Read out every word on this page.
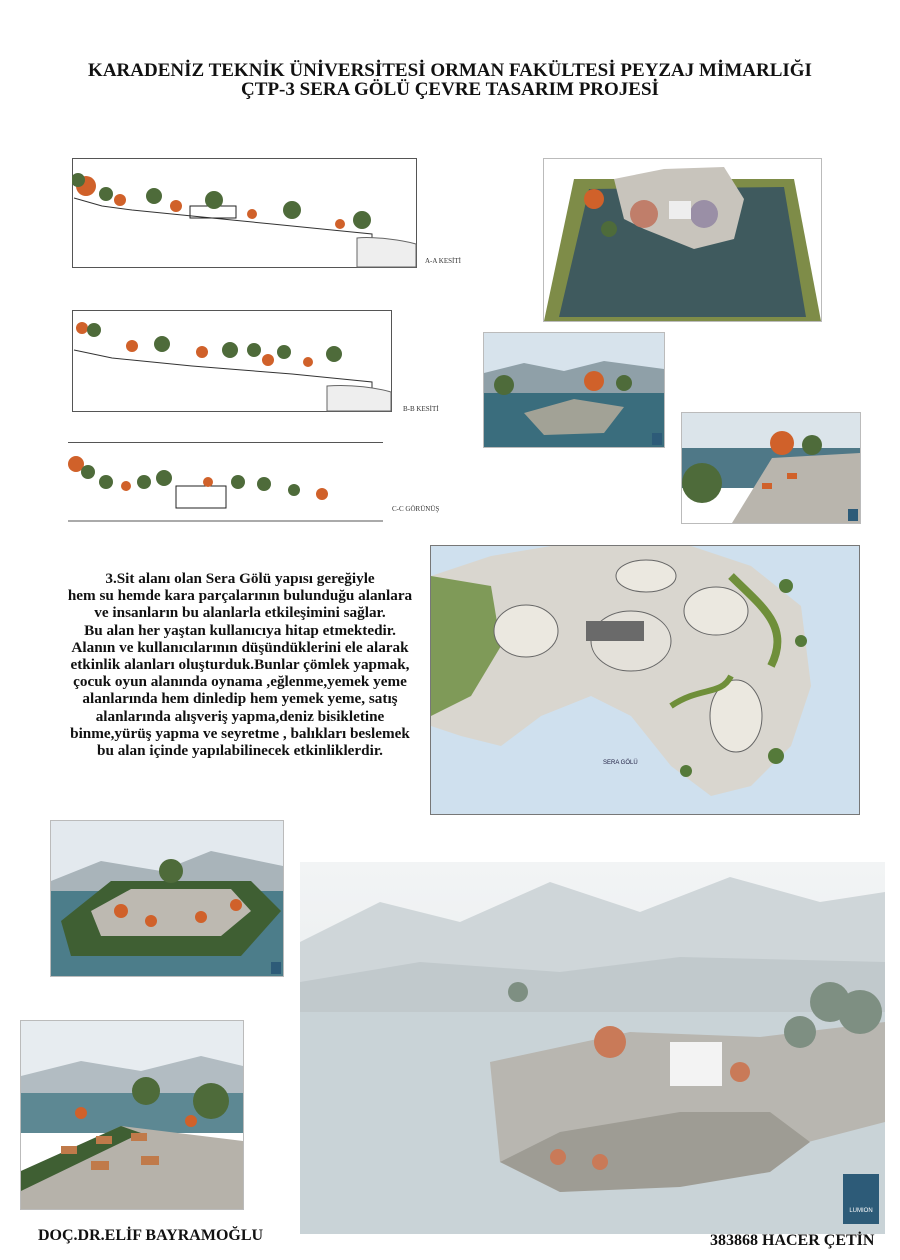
KARADENİZ TEKNİK ÜNİVERSİTESİ ORMAN FAKÜLTESİ PEYZAJ MİMARLIĞI
ÇTP-3 SERA GÖLÜ ÇEVRE TASARIM PROJESİ
A-A KESİTİ
B-B KESİTİ
C-C GÖRÜNÜŞ
3.Sit alanı olan Sera Gölü yapısı gereğiyle
hem su hemde kara parçalarının bulunduğu alanlara
ve insanların bu alanlarla etkileşimini sağlar.
Bu alan her yaştan kullanıcıya hitap etmektedir.
Alanın ve kullanıcılarının düşündüklerini ele alarak
etkinlik alanları oluşturduk.Bunlar çömlek yapmak,
çocuk oyun alanında oynama ,eğlenme,yemek yeme
alanlarında hem dinledip hem yemek yeme, satış
alanlarında alışveriş yapma,deniz bisikletine
binme,yürüş yapma ve seyretme , balıkları beslemek
bu alan içinde yapılabilinecek etkinliklerdir.
SERA GÖLÜ
LUMION
DOÇ.DR.ELİF BAYRAMOĞLU	383868 HACER ÇETİN
